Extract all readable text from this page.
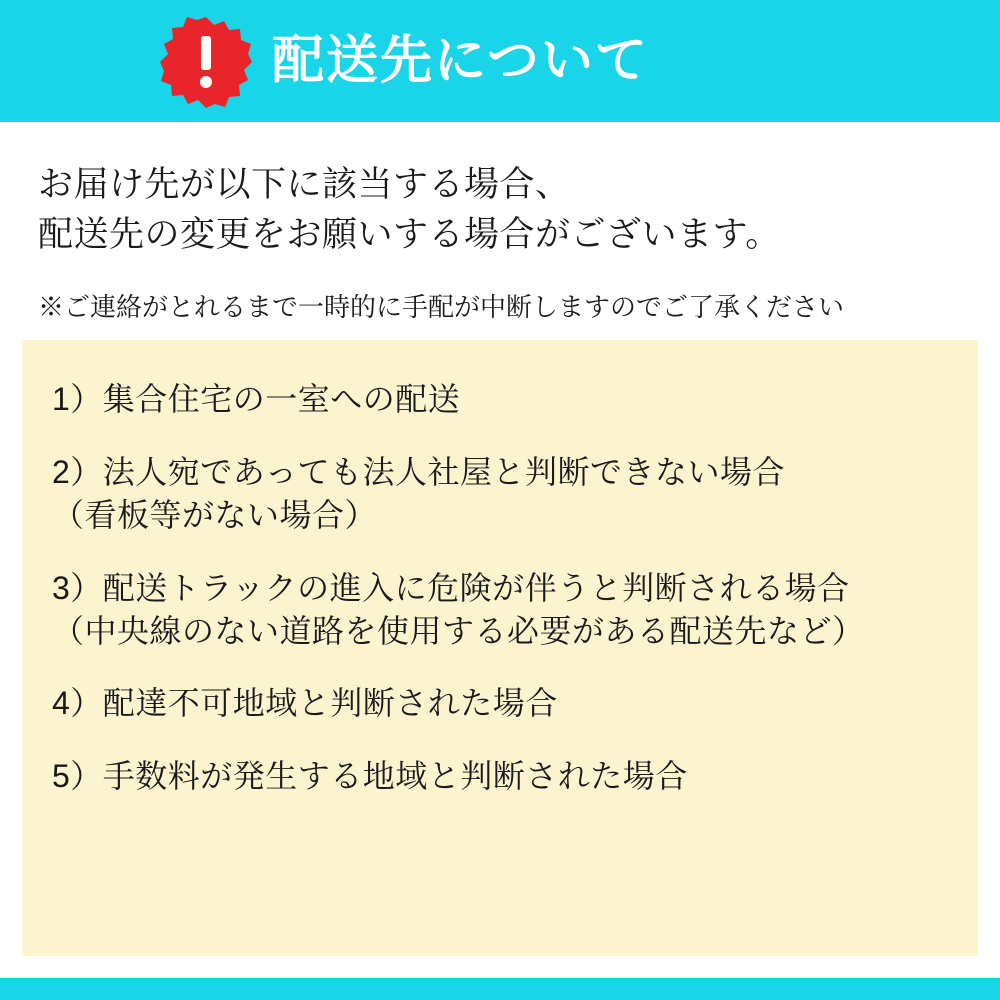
配送先について
お届け先が以下に該当する場合、
配送先の変更をお願いする場合がございます。
※ご連絡がとれるまで一時的に手配が中断しますのでご了承ください
1）集合住宅の一室への配送
2）法人宛であっても法人社屋と判断できない場合
（看板等がない場合）
3）配送トラックの進入に危険が伴うと判断される場合
（中央線のない道路を使用する必要がある配送先など）
4）配達不可地域と判断された場合
5）手数料が発生する地域と判断された場合
